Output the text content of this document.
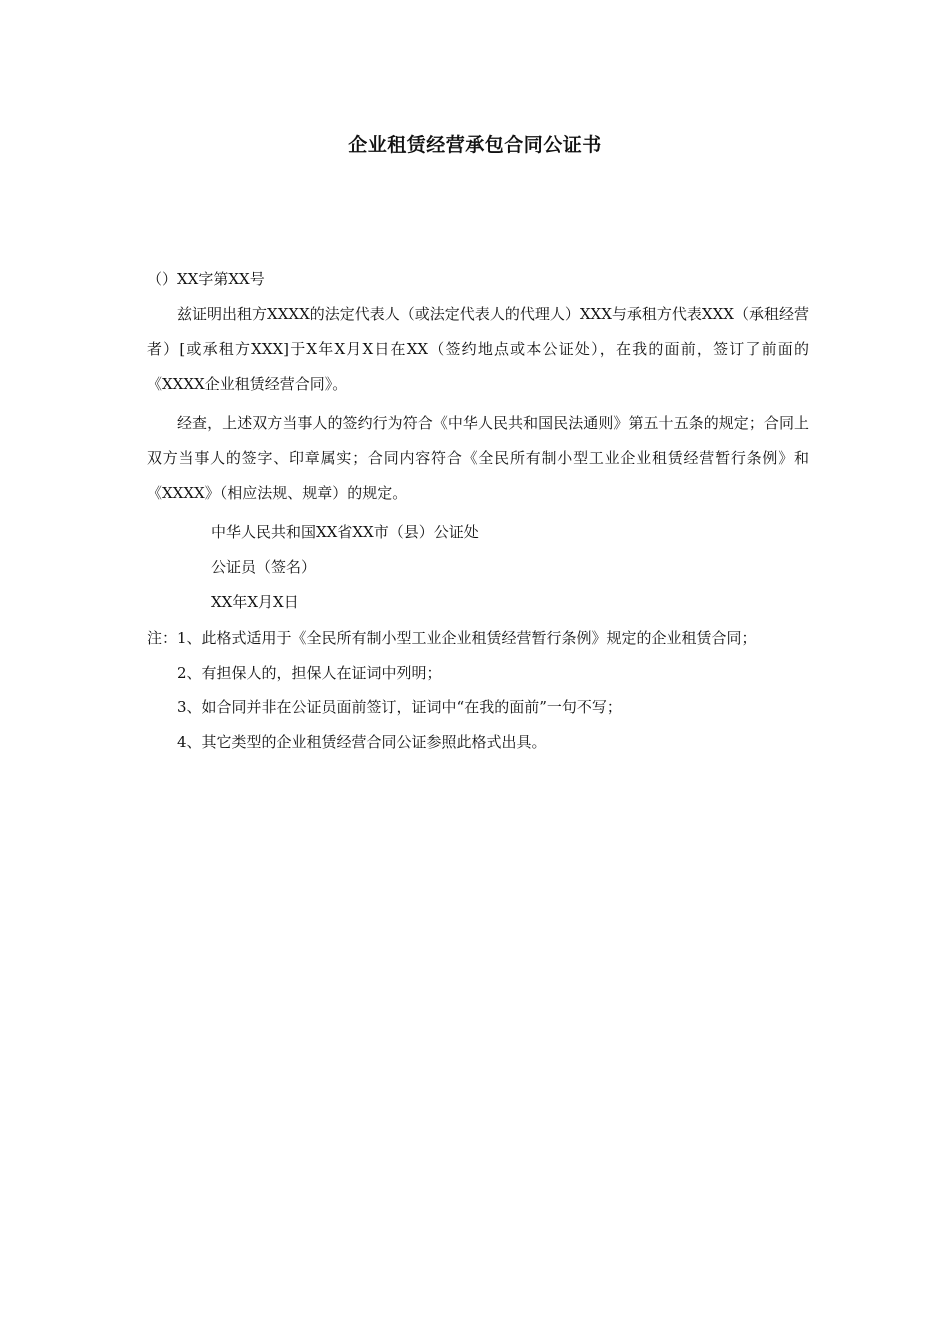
企业租赁经营承包合同公证书

（）XX字第XX号

兹证明出租方XXXX的法定代表人（或法定代表人的代理人）XXX与承租方代表XXX（承租经营者）[或承租方XXX]于X年X月X日在XX（签约地点或本公证处），在我的面前，签订了前面的《XXXX企业租赁经营合同》。

经查，上述双方当事人的签约行为符合《中华人民共和国民法通则》第五十五条的规定；合同上双方当事人的签字、印章属实；合同内容符合《全民所有制小型工业企业租赁经营暂行条例》和《XXXX》（相应法规、规章）的规定。

中华人民共和国XX省XX市（县）公证处

公证员（签名）

XX年X月X日

注：1、此格式适用于《全民所有制小型工业企业租赁经营暂行条例》规定的企业租赁合同；

2、有担保人的，担保人在证词中列明；

3、如合同并非在公证员面前签订，证词中“在我的面前”一句不写；

4、其它类型的企业租赁经营合同公证参照此格式出具。
